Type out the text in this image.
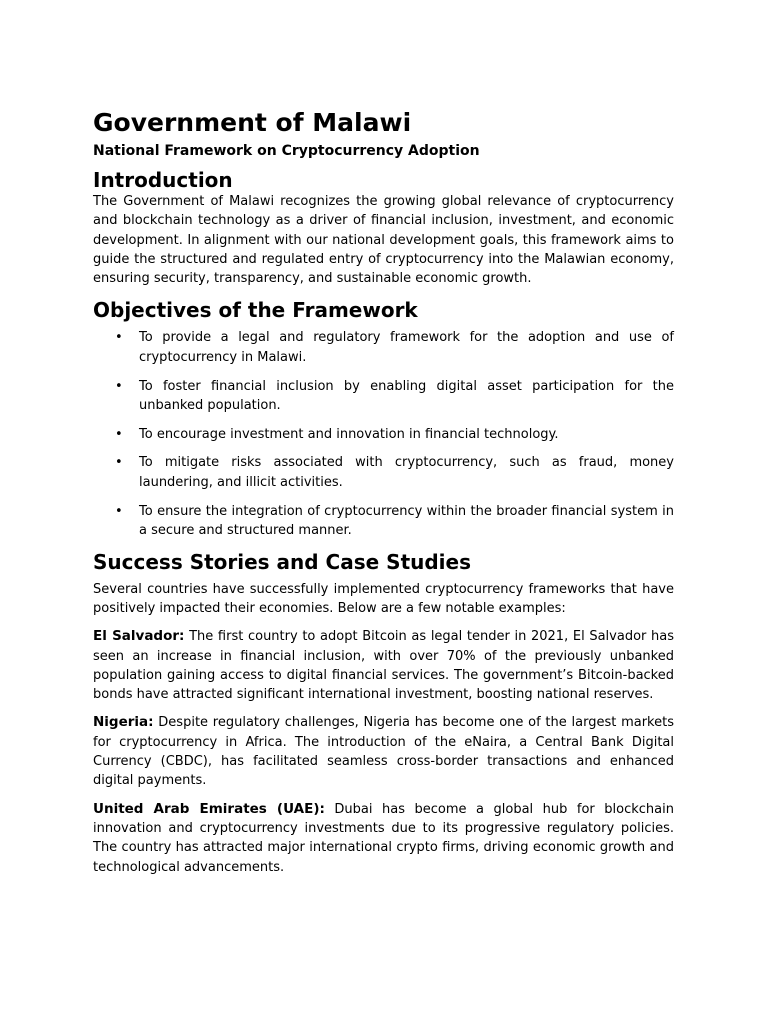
Government of Malawi
National Framework on Cryptocurrency Adoption
Introduction

The Government of Malawi recognizes the growing global relevance of cryptocurrency and blockchain technology as a driver of financial inclusion, investment, and economic development. In alignment with our national development goals, this framework aims to guide the structured and regulated entry of cryptocurrency into the Malawian economy, ensuring security, transparency, and sustainable economic growth.

Objectives of the Framework
• To provide a legal and regulatory framework for the adoption and use of cryptocurrency in Malawi.
• To foster financial inclusion by enabling digital asset participation for the unbanked population.
• To encourage investment and innovation in financial technology.
• To mitigate risks associated with cryptocurrency, such as fraud, money laundering, and illicit activities.
• To ensure the integration of cryptocurrency within the broader financial system in a secure and structured manner.
Success Stories and Case Studies

Several countries have successfully implemented cryptocurrency frameworks that have positively impacted their economies. Below are a few notable examples:

El Salvador: The first country to adopt Bitcoin as legal tender in 2021, El Salvador has seen an increase in financial inclusion, with over 70% of the previously unbanked population gaining access to digital financial services. The government’s Bitcoin-backed bonds have attracted significant international investment, boosting national reserves.

Nigeria: Despite regulatory challenges, Nigeria has become one of the largest markets for cryptocurrency in Africa. The introduction of the eNaira, a Central Bank Digital Currency (CBDC), has facilitated seamless cross-border transactions and enhanced digital payments.

United Arab Emirates (UAE): Dubai has become a global hub for blockchain innovation and cryptocurrency investments due to its progressive regulatory policies. The country has attracted major international crypto firms, driving economic growth and technological advancements.
